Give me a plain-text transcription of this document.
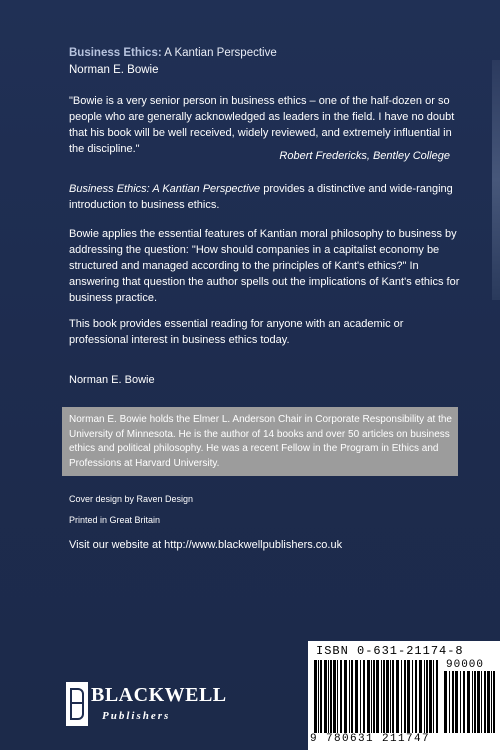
Business Ethics: A Kantian Perspective
Norman E. Bowie

"Bowie is a very senior person in business ethics – one of the half-dozen or so people who are generally acknowledged as leaders in the field. I have no doubt that his book will be well received, widely reviewed, and extremely influential in the discipline."

Robert Fredericks, Bentley College

Business Ethics: A Kantian Perspective provides a distinctive and wide-ranging introduction to business ethics.

Bowie applies the essential features of Kantian moral philosophy to business by addressing the question: "How should companies in a capitalist economy be structured and managed according to the principles of Kant's ethics?" In answering that question the author spells out the implications of Kant's ethics for business practice.

This book provides essential reading for anyone with an academic or professional interest in business ethics today.

Norman E. Bowie

Norman E. Bowie holds the Elmer L. Anderson Chair in Corporate Responsibility at the University of Minnesota. He is the author of 14 books and over 50 articles on business ethics and political philosophy. He was a recent Fellow in the Program in Ethics and Professions at Harvard University.

Cover design by Raven Design

Printed in Great Britain

Visit our website at http://www.blackwellpublishers.co.uk

BLACKWELL
Publishers

ISBN 0-631-21174-8

90000

9 780631 211747
